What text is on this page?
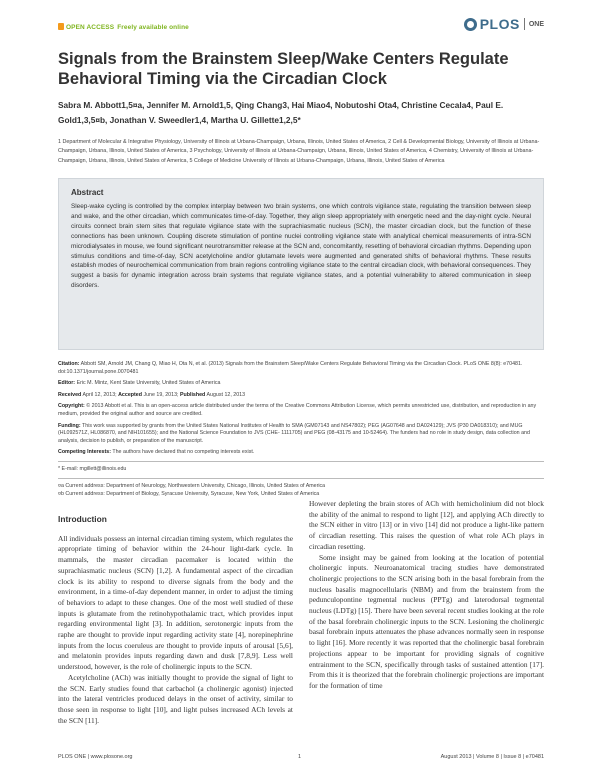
OPEN ACCESS Freely available online	PLOS ONE
Signals from the Brainstem Sleep/Wake Centers Regulate Behavioral Timing via the Circadian Clock
Sabra M. Abbott1,5¤a, Jennifer M. Arnold1,5, Qing Chang3, Hai Miao4, Nobutoshi Ota4, Christine Cecala4, Paul E. Gold1,3,5¤b, Jonathan V. Sweedler1,4, Martha U. Gillette1,2,5*
1 Department of Molecular & Integrative Physiology, University of Illinois at Urbana-Champaign, Urbana, Illinois, United States of America, 2 Cell & Developmental Biology, University of Illinois at Urbana-Champaign, Urbana, Illinois, United States of America, 3 Psychology, University of Illinois at Urbana-Champaign, Urbana, Illinois, United States of America, 4 Chemistry, University of Illinois at Urbana-Champaign, Urbana, Illinois, United States of America, 5 College of Medicine University of Illinois at Urbana-Champaign, Urbana, Illinois, United States of America
Abstract

Sleep-wake cycling is controlled by the complex interplay between two brain systems, one which controls vigilance state, regulating the transition between sleep and wake, and the other circadian, which communicates time-of-day. Together, they align sleep appropriately with energetic need and the day-night cycle. Neural circuits connect brain stem sites that regulate vigilance state with the suprachiasmatic nucleus (SCN), the master circadian clock, but the function of these connections has been unknown. Coupling discrete stimulation of pontine nuclei controlling vigilance state with analytical chemical measurements of intra-SCN microdialysates in mouse, we found significant neurotransmitter release at the SCN and, concomitantly, resetting of behavioral circadian rhythms. Depending upon stimulus conditions and time-of-day, SCN acetylcholine and/or glutamate levels were augmented and generated shifts of behavioral rhythms. These results establish modes of neurochemical communication from brain regions controlling vigilance state to the central circadian clock, with behavioral consequences. They suggest a basis for dynamic integration across brain systems that regulate vigilance states, and a potential vulnerability to altered communication in sleep disorders.

Citation: Abbott SM, Arnold JM, Chang Q, Miao H, Ota N, et al. (2013) Signals from the Brainstem Sleep/Wake Centers Regulate Behavioral Timing via the Circadian Clock. PLoS ONE 8(8): e70481. doi:10.1371/journal.pone.0070481
Editor: Eric M. Mintz, Kent State University, United States of America
Received April 12, 2013; Accepted June 19, 2013; Published August 12, 2013
Copyright: © 2013 Abbott et al. This is an open-access article distributed under the terms of the Creative Commons Attribution License, which permits unrestricted use, distribution, and reproduction in any medium, provided the original author and source are credited.
Funding: This work was supported by grants from the United States National Institutes of Health to SMA (GM07143 and NS47802); PEG (AG07648 and DA024129); JVS (P30 DA018310); and MUG (HL092571Z, HL086870, and NIH101655); and the National Science Foundation to JVS (CHE- 1111705) and PEG (08-43175 and 10-52464). The funders had no role in study design, data collection and analysis, decision to publish, or preparation of the manuscript.
Competing Interests: The authors have declared that no competing interests exist.
* E-mail: mgillett@illinois.edu
¤a Current address: Department of Neurology, Northwestern University, Chicago, Illinois, United States of America
¤b Current address: Department of Biology, Syracuse University, Syracuse, New York, United States of America
Introduction

All individuals possess an internal circadian timing system, which regulates the appropriate timing of behavior within the 24-hour light-dark cycle. In mammals, the master circadian pacemaker is located within the suprachiasmatic nucleus (SCN) [1,2]. A fundamental aspect of the circadian clock is its ability to respond to diverse signals from the body and the environment, in a time-of-day dependent manner, in order to adjust the timing of behaviors to adapt to these changes. One of the most well studied of these inputs is glutamate from the retinohypothalamic tract, which provides input regarding environmental light [3]. In addition, serotonergic inputs from the raphe are thought to provide input regarding activity state [4], norepinephrine inputs from the locus coeruleus are thought to provide inputs of arousal [5,6], and melatonin provides inputs regarding dawn and dusk [7,8,9]. Less well understood, however, is the role of cholinergic inputs to the SCN.

Acetylcholine (ACh) was initially thought to provide the signal of light to the SCN. Early studies found that carbachol (a cholinergic agonist) injected into the lateral ventricles produced delays in the onset of activity, similar to those seen in response to light [10], and light pulses increased ACh levels at the SCN [11].

However depleting the brain stores of ACh with hemicholinium did not block the ability of the animal to respond to light [12], and applying ACh directly to the SCN either in vitro [13] or in vivo [14] did not produce a light-like pattern of circadian resetting. This raises the question of what role ACh plays in circadian resetting.

Some insight may be gained from looking at the location of potential cholinergic inputs. Neuroanatomical tracing studies have demonstrated cholinergic projections to the SCN arising both in the basal forebrain from the nucleus basalis magnocellularis (NBM) and from the brainstem from the pedunculopontine tegmental nucleus (PPTg) and laterodorsal tegmental nucleus (LDTg) [15]. There have been several recent studies looking at the role of the basal forebrain cholinergic inputs to the SCN. Lesioning the cholinergic basal forebrain inputs attenuates the phase advances normally seen in response to light [16]. More recently it was reported that the cholinergic basal forebrain projections appear to be important for providing signals of cognitive entrainment to the SCN, specifically through tasks of sustained attention [17]. From this it is theorized that the forebrain cholinergic projections are important for the formation of time

PLOS ONE | www.plosone.org	1	August 2013 | Volume 8 | Issue 8 | e70481
